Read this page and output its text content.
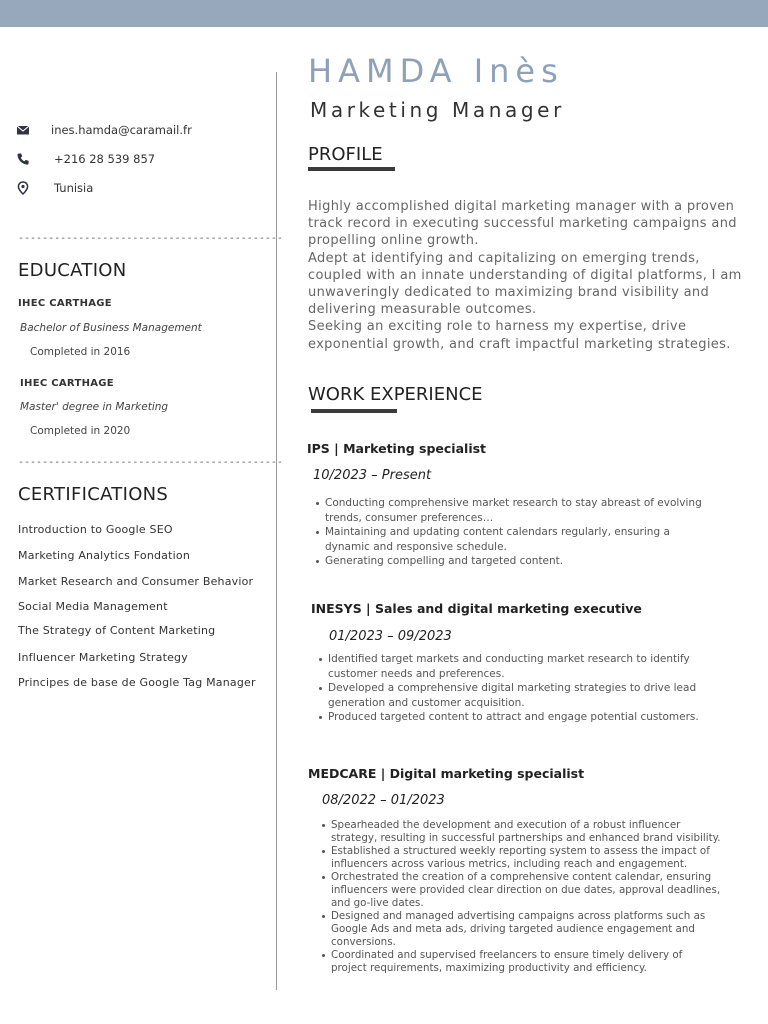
ines.hamda@caramail.fr
+216 28 539 857
Tunisia
--------------------------------------------
EDUCATION
IHEC CARTHAGE
Bachelor of Business Management
Completed in 2016
IHEC CARTHAGE
Master' degree in Marketing
Completed in 2020
--------------------------------------------
CERTIFICATIONS
Introduction to Google SEO
Marketing Analytics Fondation
Market Research and Consumer Behavior
Social Media Management
The Strategy of Content Marketing
Influencer Marketing Strategy
Principes de base de Google Tag Manager
HAMDA Inès
Marketing Manager
PROFILE

Highly accomplished digital marketing manager with a proven track record in executing successful marketing campaigns and propelling online growth.

Adept at identifying and capitalizing on emerging trends, coupled with an innate understanding of digital platforms, I am unwaveringly dedicated to maximizing brand visibility and delivering measurable outcomes.

Seeking an exciting role to harness my expertise, drive exponential growth, and craft impactful marketing strategies.

WORK EXPERIENCE
IPS | Marketing specialist
10/2023 – Present
Conducting comprehensive market research to stay abreast of evolving trends, consumer preferences…
Maintaining and updating content calendars regularly, ensuring a dynamic and responsive schedule.
Generating compelling and targeted content.
INESYS | Sales and digital marketing executive
01/2023 – 09/2023
Identified target markets and conducting market research to identify customer needs and preferences.
Developed a comprehensive digital marketing strategies to drive lead generation and customer acquisition.
Produced targeted content to attract and engage potential customers.
MEDCARE | Digital marketing specialist
08/2022 – 01/2023
Spearheaded the development and execution of a robust influencer strategy, resulting in successful partnerships and enhanced brand visibility.
Established a structured weekly reporting system to assess the impact of influencers across various metrics, including reach and engagement.
Orchestrated the creation of a comprehensive content calendar, ensuring influencers were provided clear direction on due dates, approval deadlines, and go-live dates.
Designed and managed advertising campaigns across platforms such as Google Ads and meta ads, driving targeted audience engagement and conversions.
Coordinated and supervised freelancers to ensure timely delivery of project requirements, maximizing productivity and efficiency.
